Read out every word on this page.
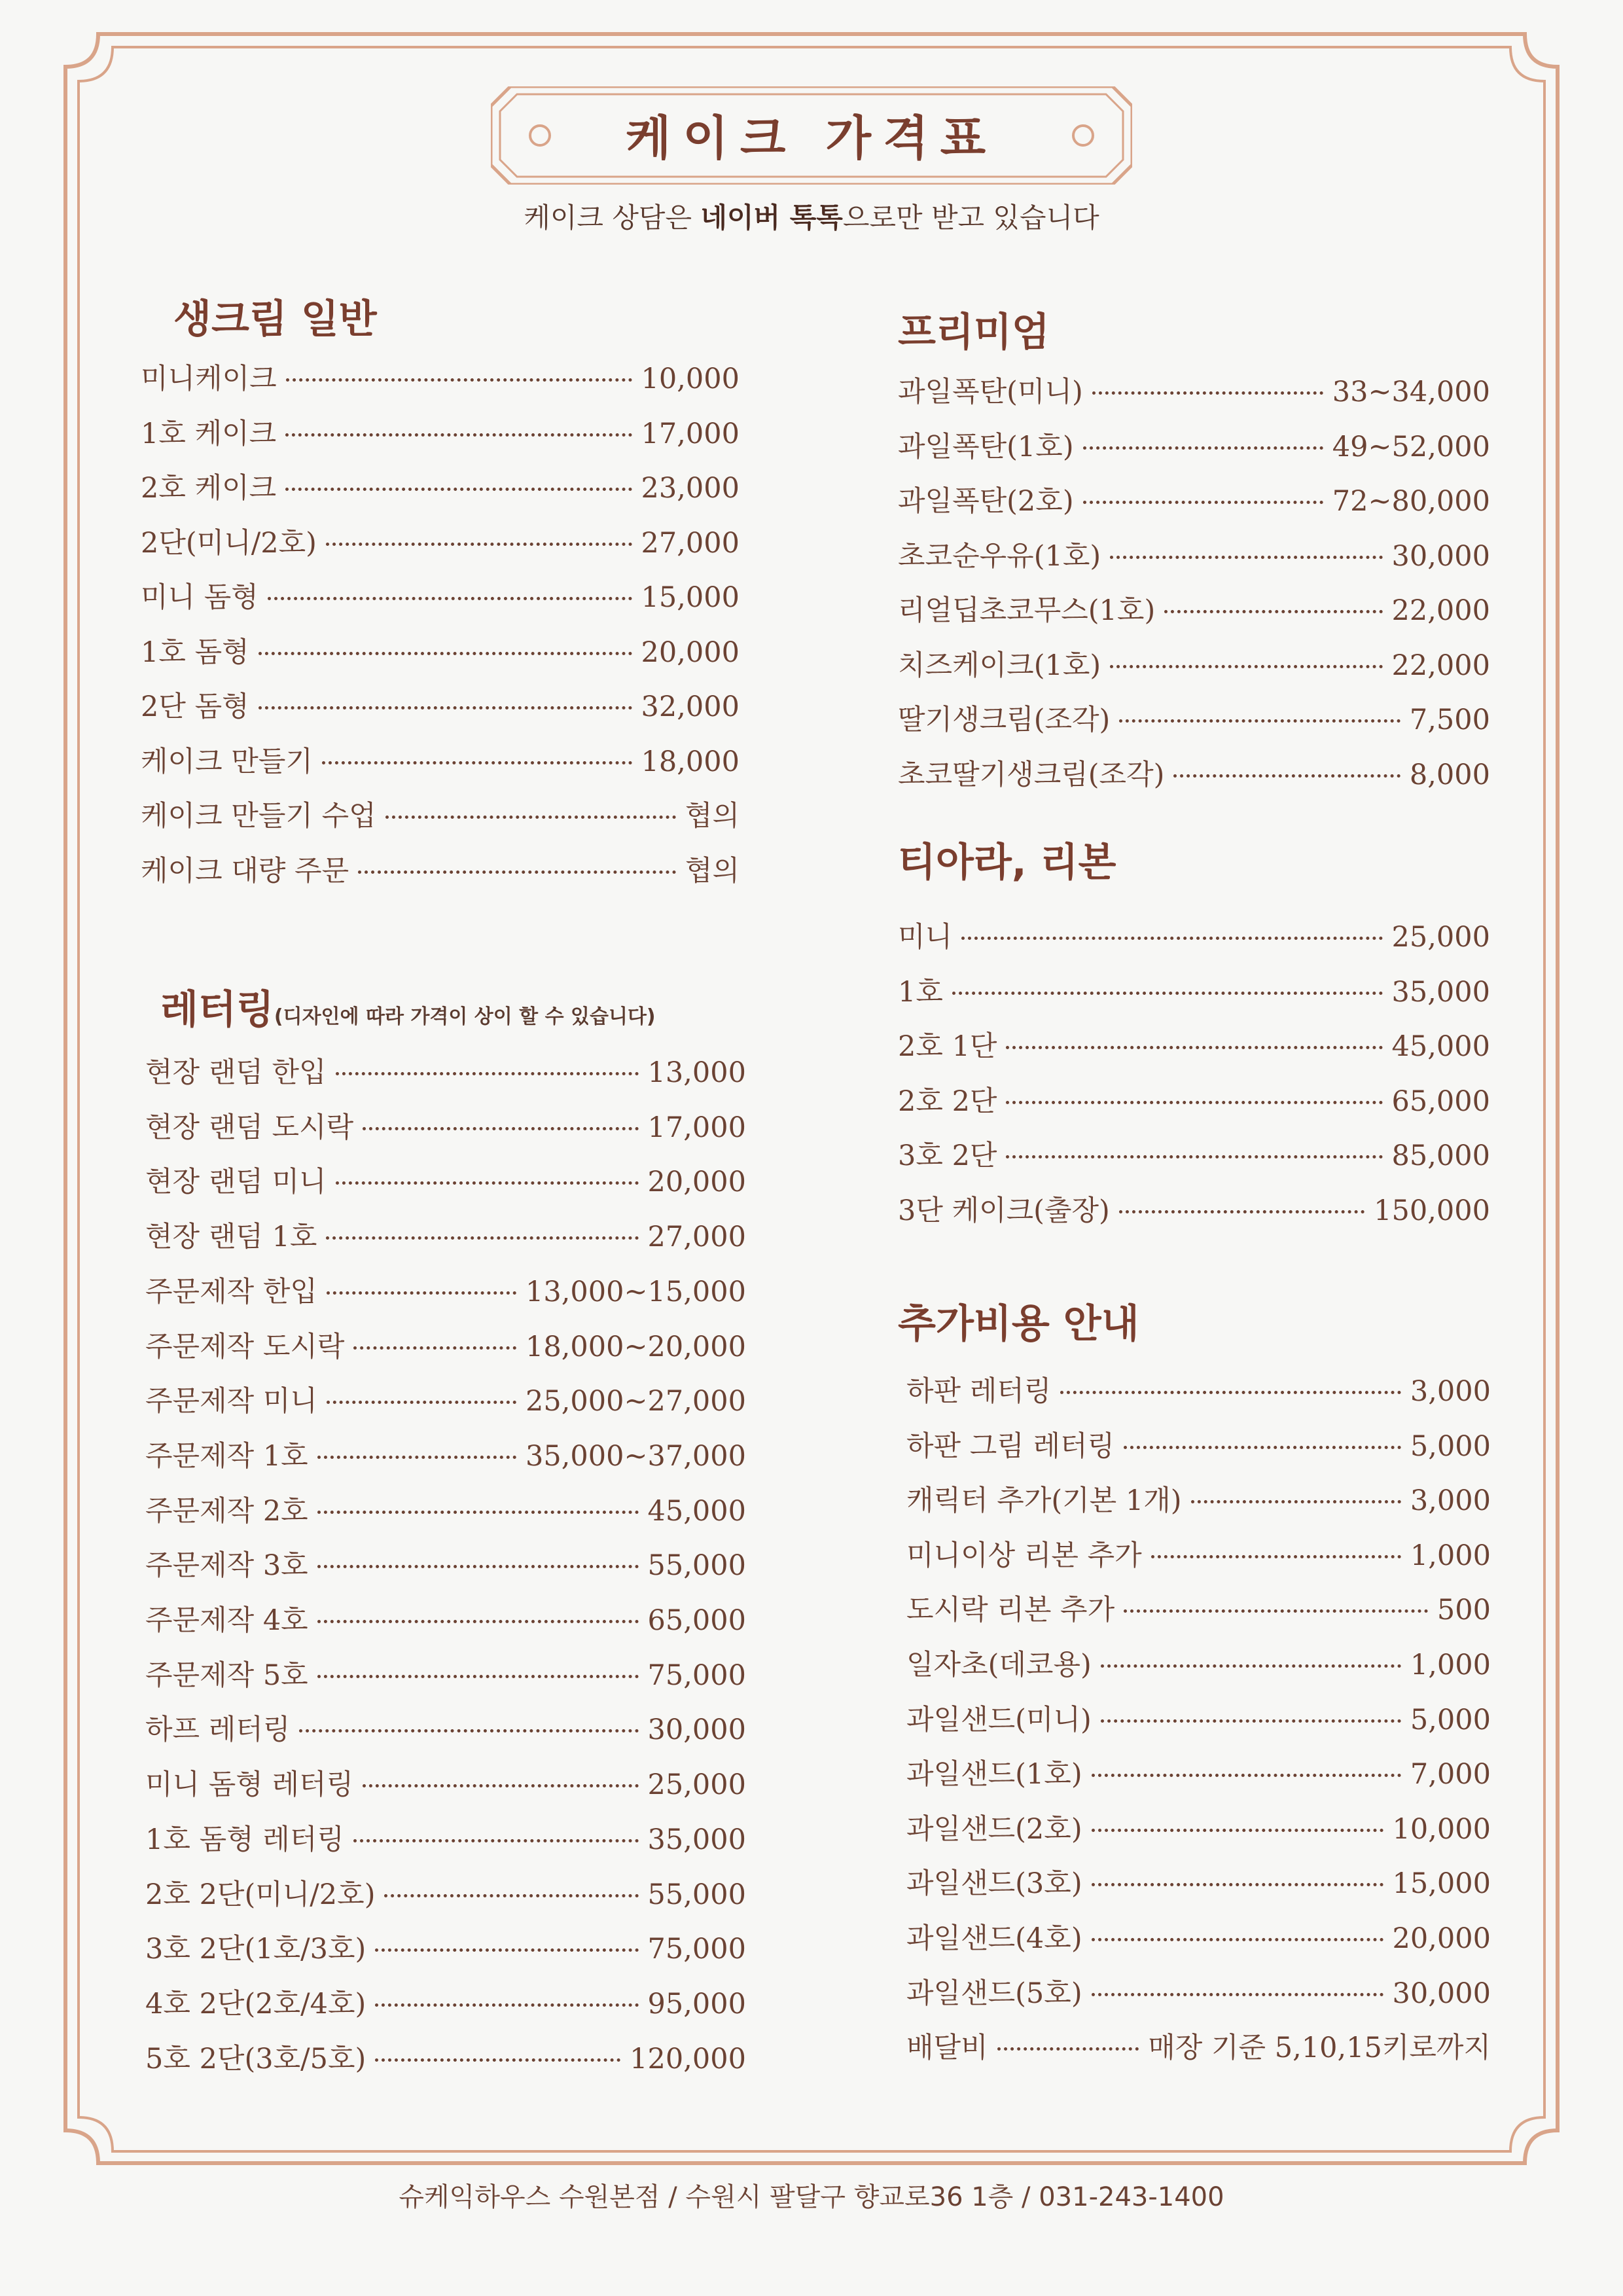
케이크 가격표
케이크 상담은 네이버 톡톡으로만 받고 있습니다
생크림 일반
레터링(디자인에 따라 가격이 상이 할 수 있습니다)
프리미엄
티아라, 리본
추가비용 안내
미니케이크	10,000
1호 케이크	17,000
2호 케이크	23,000
2단(미니/2호)	27,000
미니 돔형	15,000
1호 돔형	20,000
2단 돔형	32,000
케이크 만들기	18,000
케이크 만들기 수업	협의
케이크 대량 주문	협의
현장 랜덤 한입	13,000
현장 랜덤 도시락	17,000
현장 랜덤 미니	20,000
현장 랜덤 1호	27,000
주문제작 한입	13,000~15,000
주문제작 도시락	18,000~20,000
주문제작 미니	25,000~27,000
주문제작 1호	35,000~37,000
주문제작 2호	45,000
주문제작 3호	55,000
주문제작 4호	65,000
주문제작 5호	75,000
하프 레터링	30,000
미니 돔형 레터링	25,000
1호 돔형 레터링	35,000
2호 2단(미니/2호)	55,000
3호 2단(1호/3호)	75,000
4호 2단(2호/4호)	95,000
5호 2단(3호/5호)	120,000
과일폭탄(미니)	33~34,000
과일폭탄(1호)	49~52,000
과일폭탄(2호)	72~80,000
초코순우유(1호)	30,000
리얼딥초코무스(1호)	22,000
치즈케이크(1호)	22,000
딸기생크림(조각)	7,500
초코딸기생크림(조각)	8,000
미니	25,000
1호	35,000
2호 1단	45,000
2호 2단	65,000
3호 2단	85,000
3단 케이크(출장)	150,000
하판 레터링	3,000
하판 그림 레터링	5,000
캐릭터 추가(기본 1개)	3,000
미니이상 리본 추가	1,000
도시락 리본 추가	500
일자초(데코용)	1,000
과일샌드(미니)	5,000
과일샌드(1호)	7,000
과일샌드(2호)	10,000
과일샌드(3호)	15,000
과일샌드(4호)	20,000
과일샌드(5호)	30,000
배달비	매장 기준 5,10,15키로까지
슈케익하우스 수원본점 / 수원시 팔달구 향교로36 1층 / 031-243-1400
